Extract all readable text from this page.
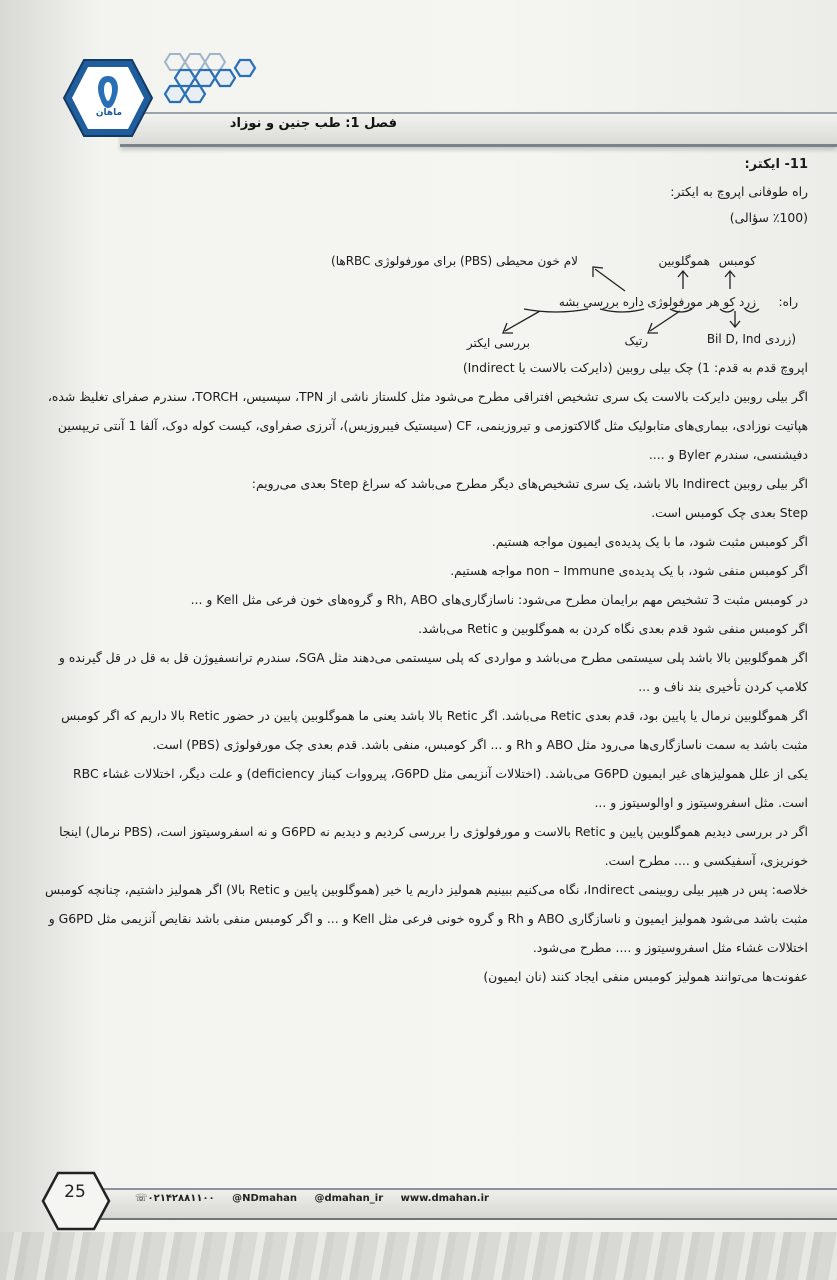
ماهان
فصل 1: طب جنین و نوزاد

11- ایکتر:

راه طوفانی اپروچ به ایکتر:

(٪100 سؤالی)

کومبس
هموگلوبین
لام خون محیطی (PBS) برای مورفولوژی RBCها)
راه:
زرد کو هر مورفولوژی داره بررسی بشه
(زردی Bil D, Ind
رتیک
بررسی ایکتر

اپروچ قدم به قدم: 1) چک بیلی روبین (دایرکت بالاست یا Indirect)

اگر بیلی روبین دایرکت بالاست یک سری تشخیص افتراقی مطرح می‌شود مثل کلستاز ناشی از TPN، سپسیس، TORCH، سندرم صفرای تغلیظ شده، هپاتیت نوزادی، بیماری‌های متابولیک مثل گالاکتوزمی و تیروزینمی، CF (سیستیک فیبروزیس)، آترزی صفراوی، کیست کوله دوک، آلفا 1 آنتی تریپسین دفیشنسی، سندرم Byler و ....

اگر بیلی روبین Indirect بالا باشد، یک سری تشخیص‌های دیگر مطرح می‌باشد که سراغ Step بعدی می‌رویم:

Step بعدی چک کومبس است.

اگر کومبس مثبت شود، ما با یک پدیده‌ی ایمیون مواجه هستیم.

اگر کومبس منفی شود، با یک پدیده‌ی non – Immune مواجه هستیم.

در کومبس مثبت 3 تشخیص مهم برایمان مطرح می‌شود: ناسازگاری‌های Rh, ABO و گروه‌های خون فرعی مثل Kell و ...

اگر کومبس منفی شود قدم بعدی نگاه کردن به هموگلوبین و Retic می‌باشد.

اگر هموگلوبین بالا باشد پلی سیستمی مطرح می‌باشد و مواردی که پلی سیستمی می‌دهند مثل SGA، سندرم ترانسفیوژن قل به قل در قل گیرنده و کلامپ کردن تأخیری بند ناف و ...

اگر هموگلوبین نرمال یا پایین بود، قدم بعدی Retic می‌باشد. اگر Retic بالا باشد یعنی ما هموگلوبین پایین در حضور Retic بالا داریم که اگر کومبس مثبت باشد به سمت ناسازگاری‌ها می‌رود مثل ABO و Rh و ... اگر کومبس، منفی باشد. قدم بعدی چک مورفولوژی (PBS) است.

یکی از علل همولیزهای غیر ایمیون G6PD می‌باشد. (اختلالات آنزیمی مثل G6PD، پیرووات کیناز deficiency) و علت دیگر، اختلالات غشاء RBC است. مثل اسفروسیتوز و اوالوسیتوز و ...

اگر در بررسی دیدیم هموگلوبین پایین و Retic بالاست و مورفولوژی را بررسی کردیم و دیدیم نه G6PD و نه اسفروسیتوز است، (PBS نرمال) اینجا خونریزی، آسفیکسی و .... مطرح است.

خلاصه: پس در هیپر بیلی روبینمی Indirect، نگاه می‌کنیم ببینیم همولیز داریم یا خیر (هموگلوبین پایین و Retic بالا) اگر همولیز داشتیم، چنانچه کومبس مثبت باشد می‌شود همولیز ایمیون و ناسازگاری ABO و Rh و گروه خونی فرعی مثل Kell و ... و اگر کومبس منفی باشد نقایص آنزیمی مثل G6PD و اختلالات غشاء مثل اسفروسیتوز و .... مطرح می‌شود.

عفونت‌ها می‌توانند همولیز کومبس منفی ایجاد کنند (نان ایمیون)

25	☏۰۲۱۴۲۸۸۱۱۰۰ @NDmahan @dmahan_ir www.dmahan.ir
